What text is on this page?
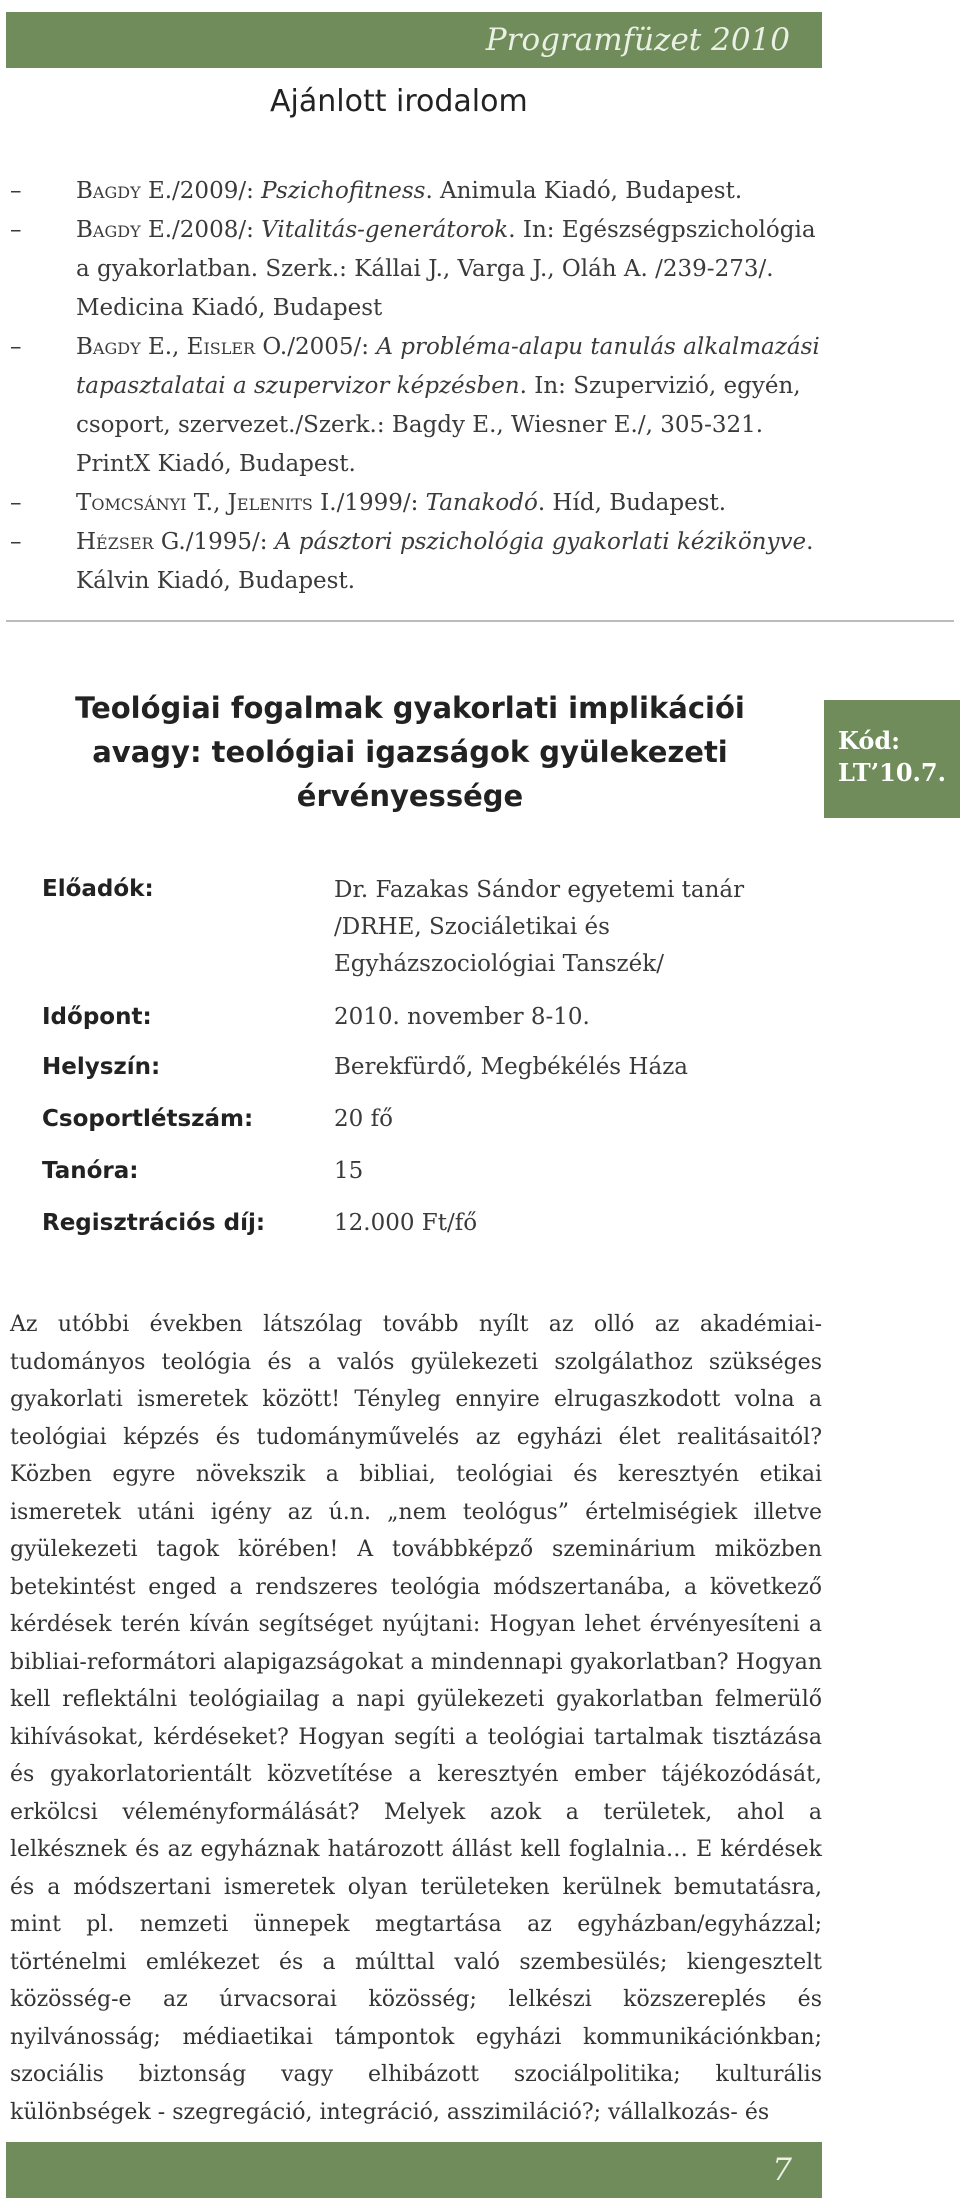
Programfüzet 2010
Ajánlott irodalom
–	Bagdy E./2009/: Pszichofitness. Animula Kiadó, Budapest.
–	Bagdy E./2008/: Vitalitás-generátorok. In: Egészségpszichológia a gyakorlatban. Szerk.: Kállai J., Varga J., Oláh A. /239-273/. Medicina Kiadó, Budapest
–	Bagdy E., Eisler O./2005/: A probléma-alapu tanulás alkalmazási tapasztalatai a szupervizor képzésben. In: Szupervizió, egyén, csoport, szervezet./Szerk.: Bagdy E., Wiesner E./, 305-321. PrintX Kiadó, Budapest.
–	Tomcsányi T., Jelenits I./1999/: Tanakodó. Híd, Budapest.
–	Hézser G./1995/: A pásztori pszichológia gyakorlati kézikönyve. Kálvin Kiadó, Budapest.
Teológiai fogalmak gyakorlati implikációi avagy: teológiai igazságok gyülekezeti érvényessége
Kód:
LT’10.7.
Előadók:	Dr. Fazakas Sándor egyetemi tanár /DRHE, Szociáletikai és Egyházszociológiai Tanszék/
Időpont:	2010. november 8-10.
Helyszín:	Berekfürdő, Megbékélés Háza
Csoportlétszám:	20 fő
Tanóra:	15
Regisztrációs díj:	12.000 Ft/fő

Az utóbbi években látszólag tovább nyílt az olló az akadémiai-tudományos teológia és a valós gyülekezeti szolgálathoz szükséges gyakorlati ismeretek között! Tényleg ennyire elrugaszkodott volna a teológiai képzés és tudományművelés az egyházi élet realitásaitól? Közben egyre növekszik a bibliai, teológiai és keresztyén etikai ismeretek utáni igény az ú.n. „nem teológus” értelmiségiek illetve gyülekezeti tagok körében! A továbbképző szeminárium miközben betekintést enged a rendszeres teológia módszertanába, a következő kérdések terén kíván segítséget nyújtani: Hogyan lehet érvényesíteni a bibliai-reformátori alapigazságokat a mindennapi gyakorlatban? Hogyan kell reflektálni teológiailag a napi gyülekezeti gyakorlatban felmerülő kihívásokat, kérdéseket? Hogyan segíti a teológiai tartalmak tisztázása és gyakorlatorientált közvetítése a keresztyén ember tájékozódását, erkölcsi véleményformálását? Melyek azok a területek, ahol a lelkésznek és az egyháznak határozott állást kell foglalnia… E kérdések és a módszertani ismeretek olyan területeken kerülnek bemutatásra, mint pl. nemzeti ünnepek megtartása az egyházban/egyházzal; történelmi emlékezet és a múlttal való szembesülés; kiengesztelt közösség-e az úrvacsorai közösség; lelkészi közszereplés és nyilvánosság; médiaetikai támpontok egyházi kommunikációnkban; szociális biztonság vagy elhibázott szociálpolitika; kulturális különbségek - szegregáció, integráció, asszimiláció?; vállalkozás- és

7
